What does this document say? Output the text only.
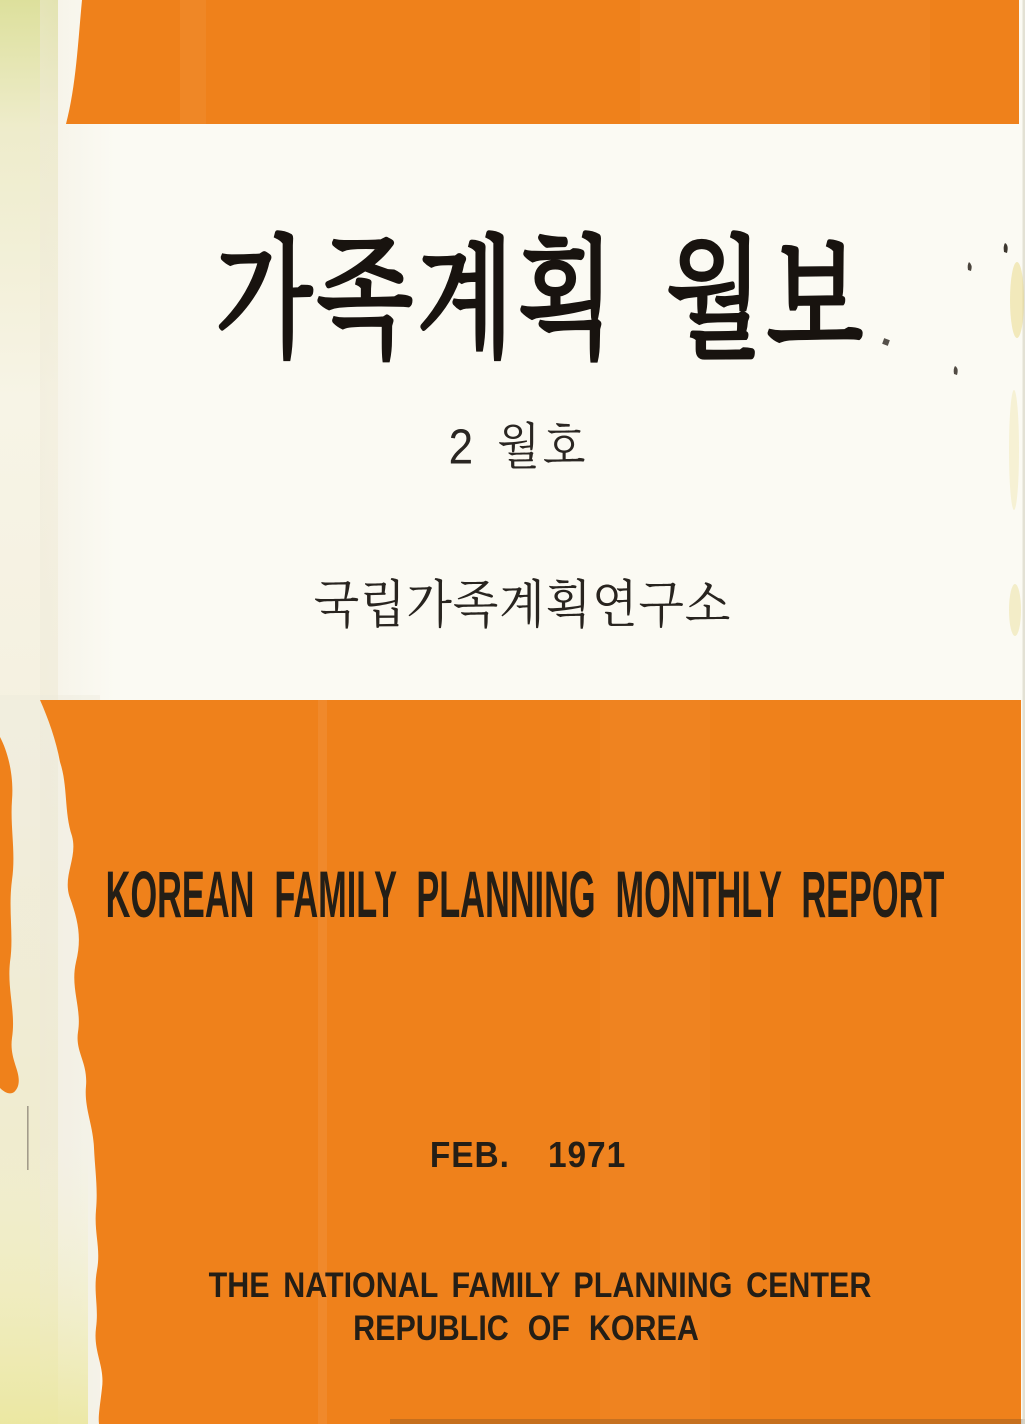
가족계획 월보
2 월호
국립가족계획연구소
KOREAN FAMILY PLANNING MONTHLY REPORT
FEB. 1971
THE NATIONAL FAMILY PLANNING CENTER
REPUBLIC OF KOREA
